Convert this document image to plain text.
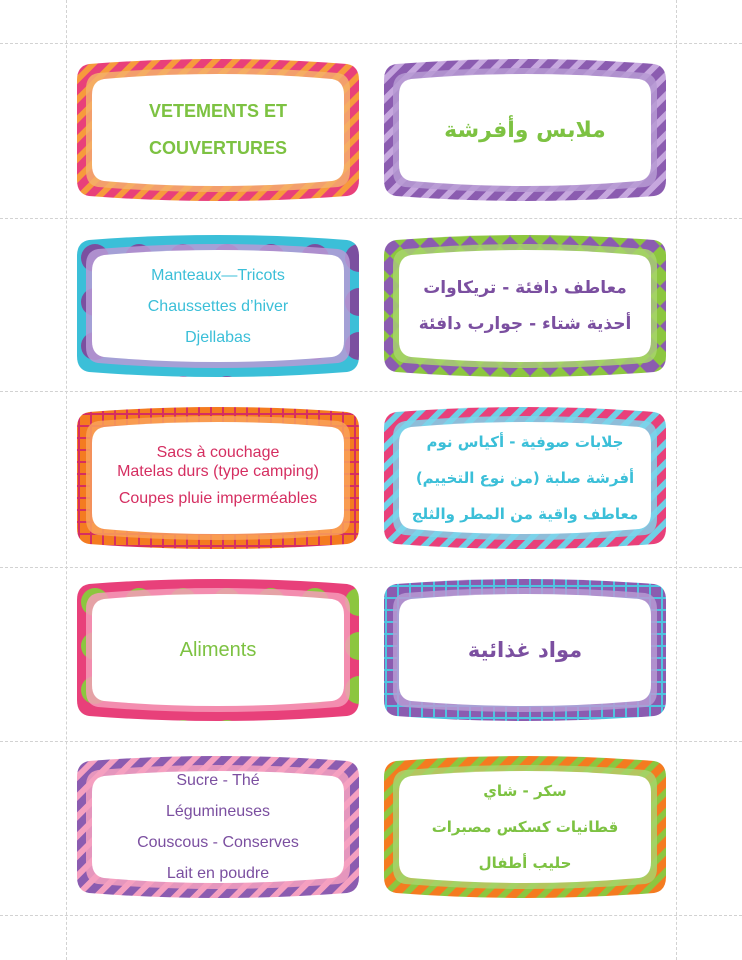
VETEMENTS ET
COUVERTURES
ملابس وأفرشة
Manteaux—Tricots
Chaussettes d’hiver
Djellabas
معاطف دافئة - تريكاوات
أحذية شتاء - جوارب دافئة
Sacs à couchage
Matelas durs (type camping)
Coupes pluie imperméables
جلابات صوفية - أكياس نوم
أفرشة صلبة (من نوع التخييم)
معاطف واقية من المطر والثلج
Aliments	مواد غذائية
Sucre - Thé
Légumineuses
Couscous - Conserves
Lait en poudre
سكر - شاي
قطانيات كسكس مصبرات
حليب أطفال
